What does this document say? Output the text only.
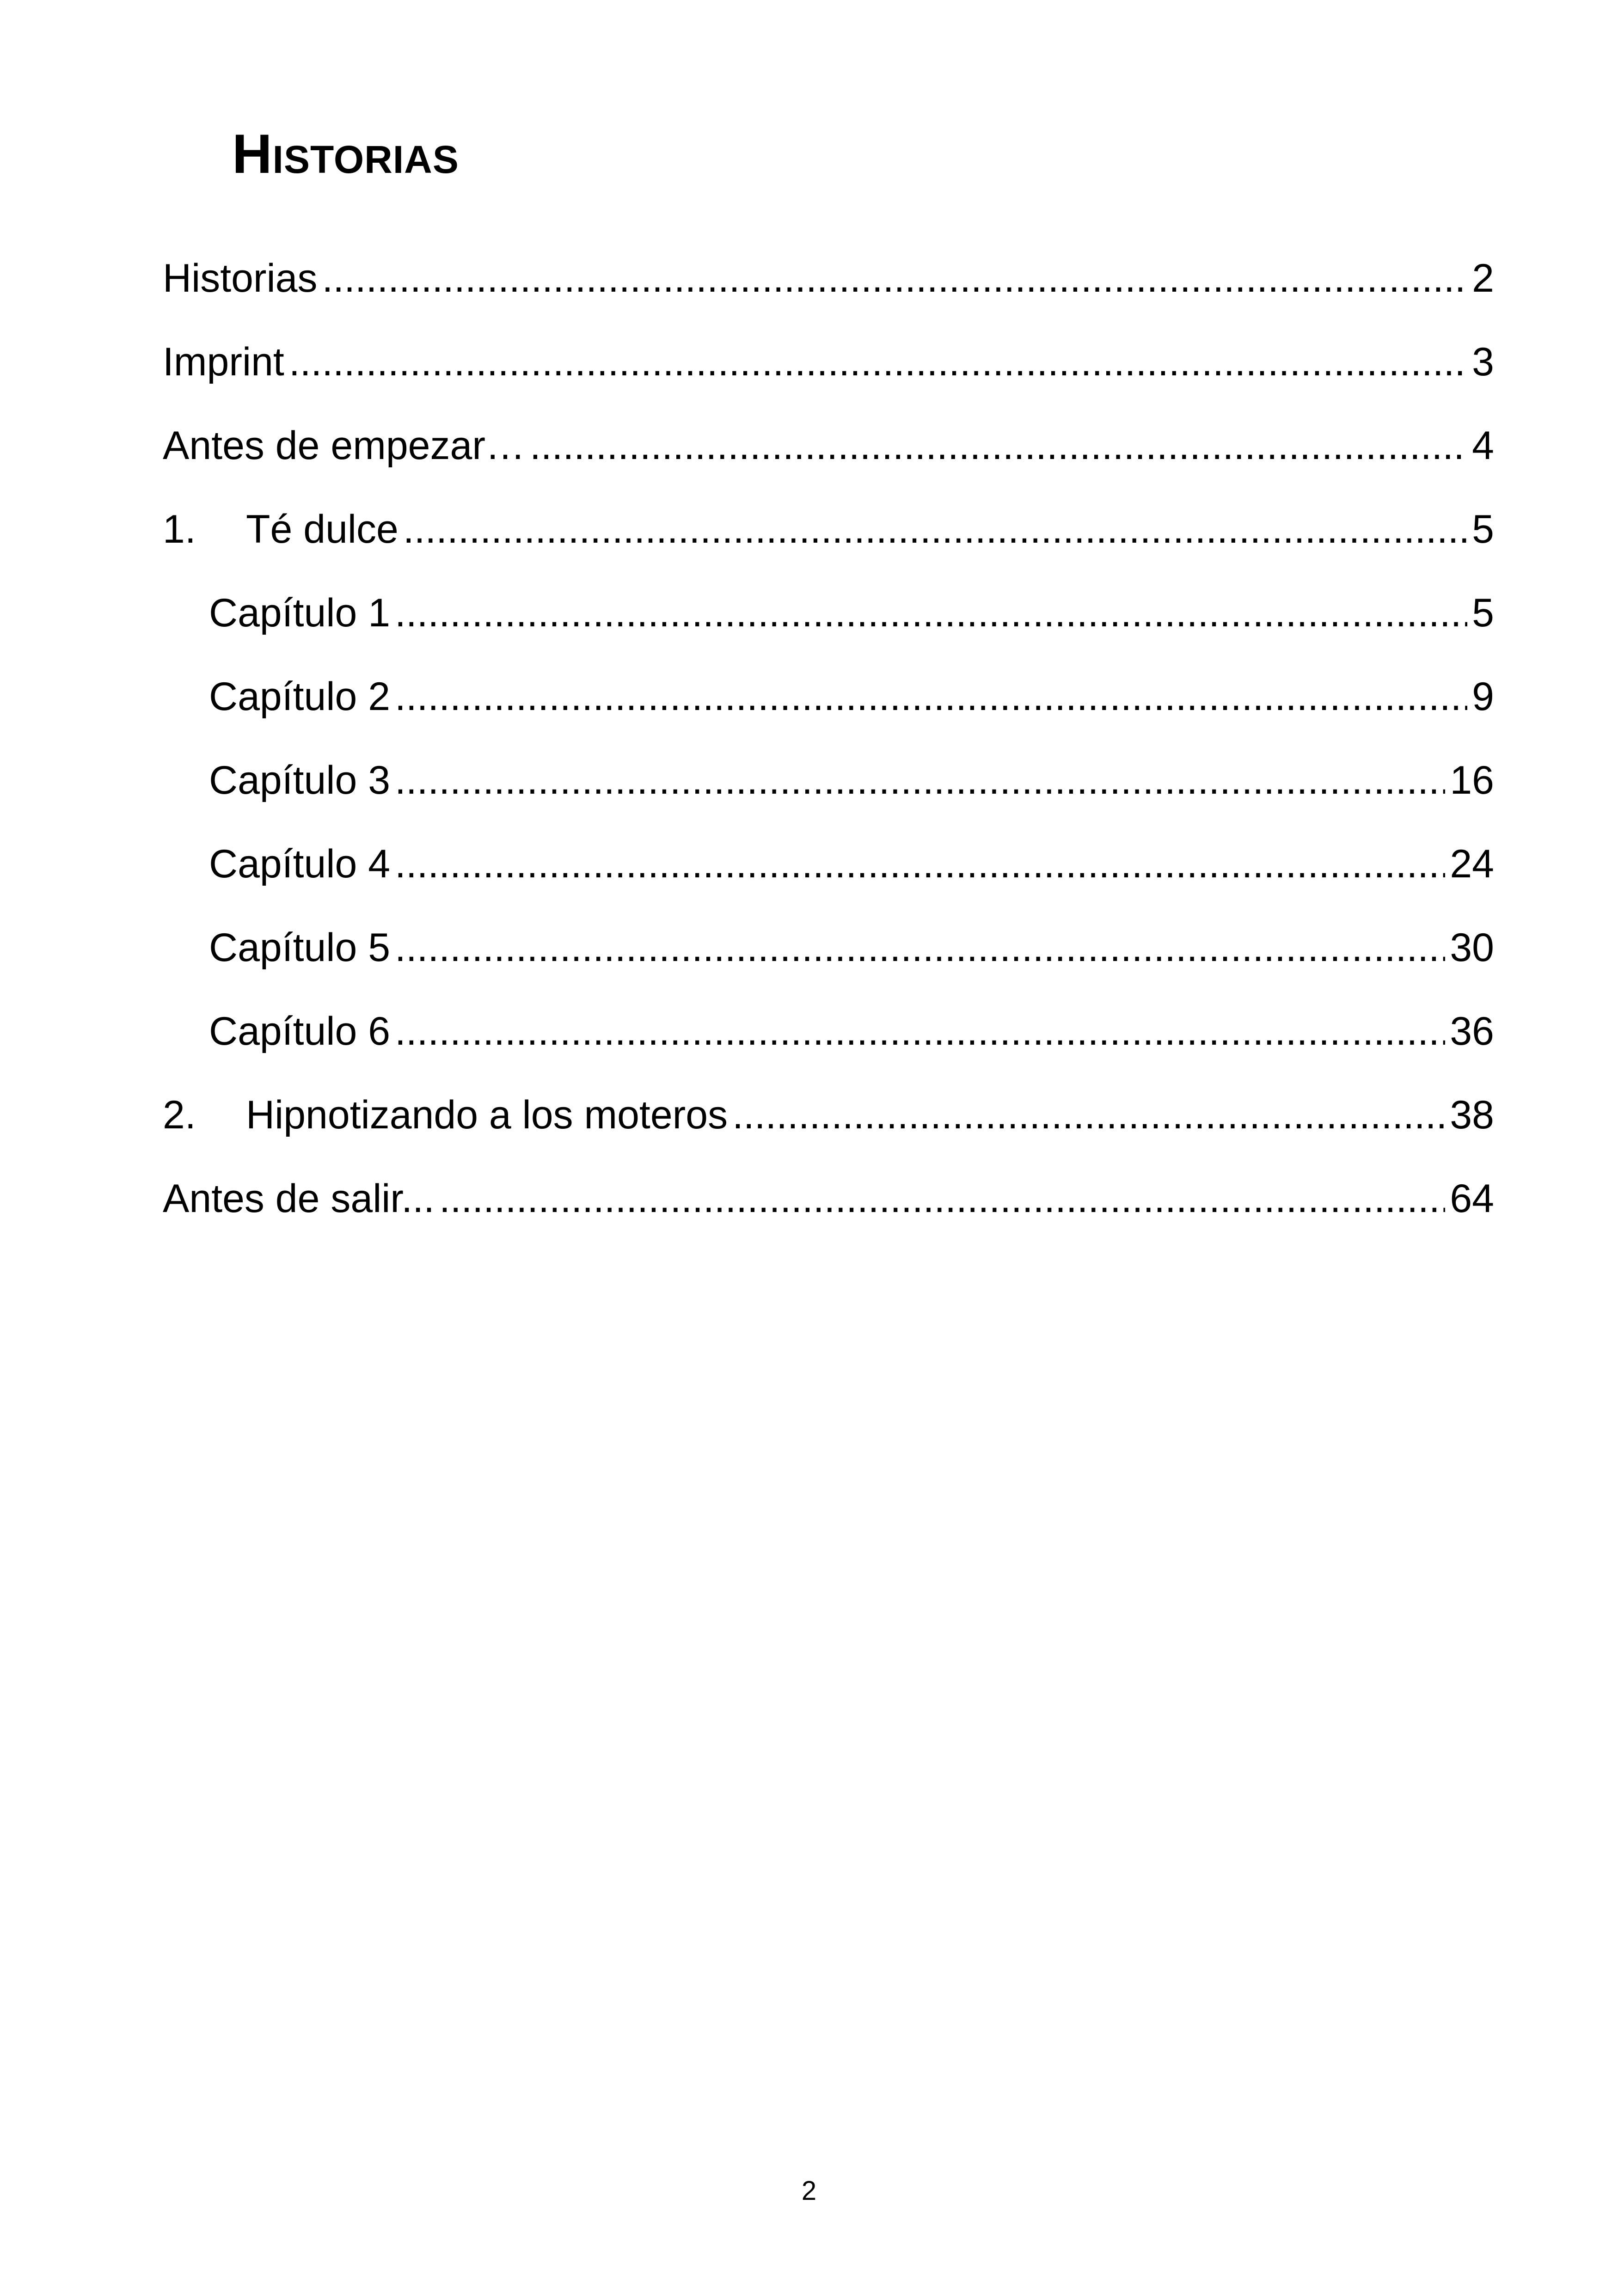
Historias
Historias . . .	2
Imprint . . .	3
Antes de empezar… . . .	4
1.	Té dulce . . .	5
Capítulo 1 . . .	5
Capítulo 2 . . .	9
Capítulo 3 . . .	16
Capítulo 4 . . .	24
Capítulo 5 . . .	30
Capítulo 6 . . .	36
2.	Hipnotizando a los moteros . . .	38
Antes de salir... . . .	64
2
